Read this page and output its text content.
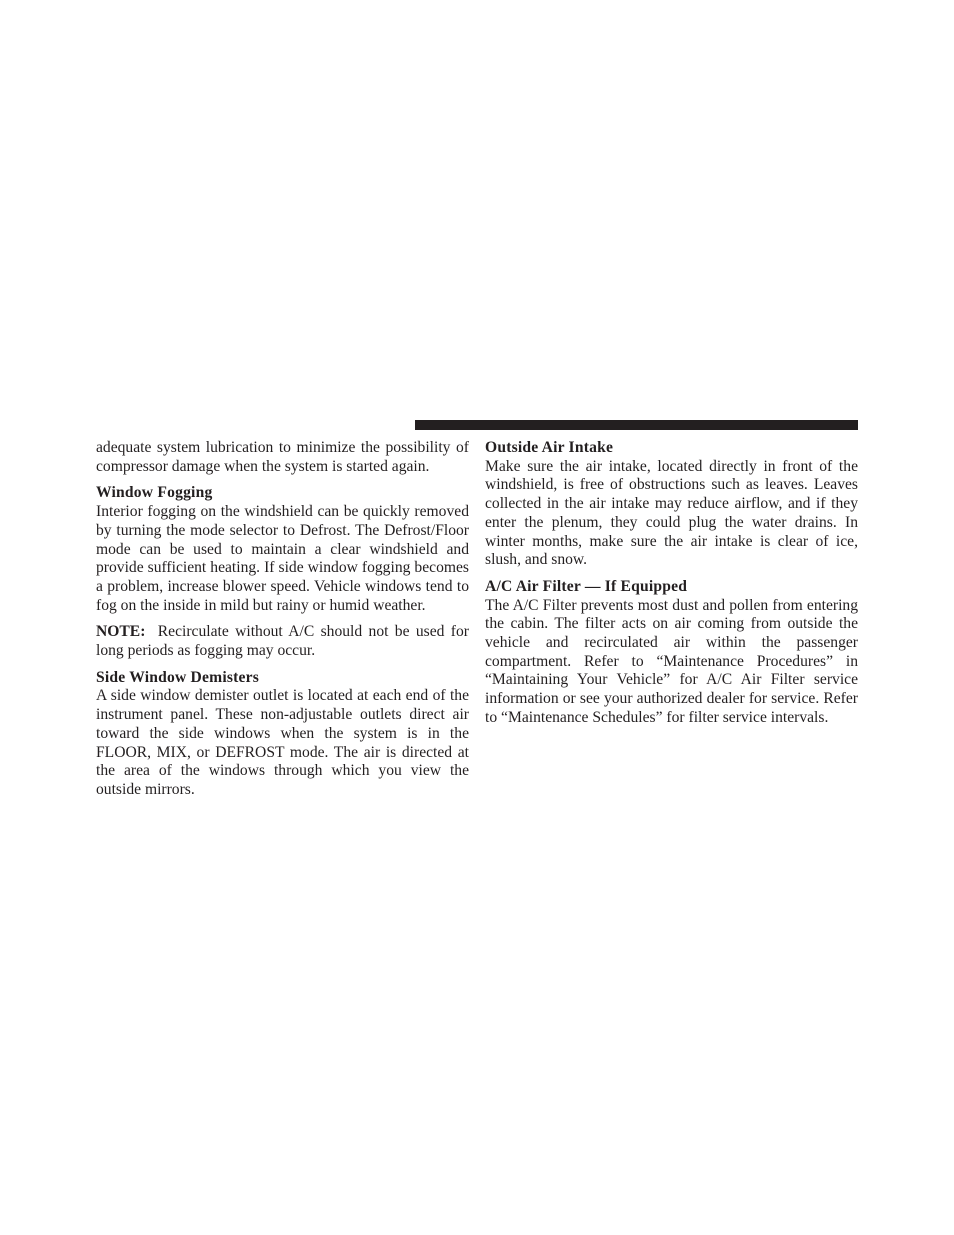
adequate system lubrication to minimize the possibility of compressor damage when the system is started again.

Window Fogging

Interior fogging on the windshield can be quickly removed by turning the mode selector to Defrost. The Defrost/Floor mode can be used to maintain a clear windshield and provide sufficient heating. If side window fogging becomes a problem, increase blower speed. Vehicle windows tend to fog on the inside in mild but rainy or humid weather.

NOTE: Recirculate without A/C should not be used for long periods as fogging may occur.

Side Window Demisters

A side window demister outlet is located at each end of the instrument panel. These non-adjustable outlets direct air toward the side windows when the system is in the FLOOR, MIX, or DEFROST mode. The air is directed at the area of the windows through which you view the outside mirrors.

Outside Air Intake

Make sure the air intake, located directly in front of the windshield, is free of obstructions such as leaves. Leaves collected in the air intake may reduce airflow, and if they enter the plenum, they could plug the water drains. In winter months, make sure the air intake is clear of ice, slush, and snow.

A/C Air Filter — If Equipped

The A/C Filter prevents most dust and pollen from entering the cabin. The filter acts on air coming from outside the vehicle and recirculated air within the passenger compartment. Refer to “Maintenance Procedures” in “Maintaining Your Vehicle” for A/C Air Filter service information or see your authorized dealer for service. Refer to “Maintenance Schedules” for filter service intervals.
